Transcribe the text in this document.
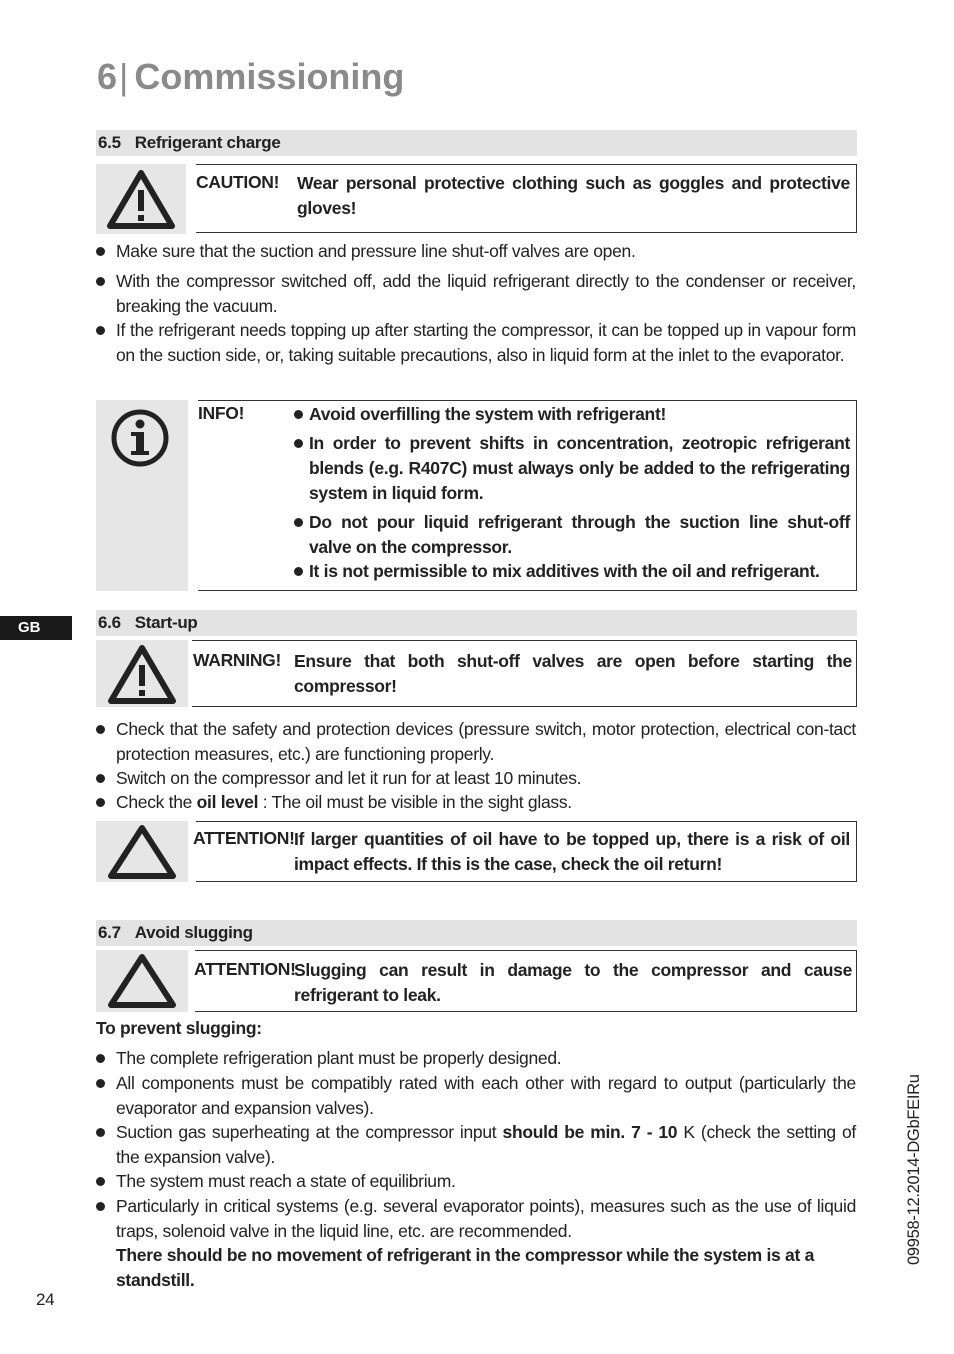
6| Commissioning
6.5 Refrigerant charge
CAUTION! Wear personal protective clothing such as goggles and protective gloves!
Make sure that the suction and pressure line shut-off valves are open.
With the compressor switched off, add the liquid refrigerant directly to the condenser or receiver, breaking the vacuum.
If the refrigerant needs topping up after starting the compressor, it can be topped up in vapour form on the suction side, or, taking suitable precautions, also in liquid form at the inlet to the evaporator.
INFO!	Avoid overfilling the system with refrigerant!
In order to prevent shifts in concentration, zeotropic refrigerant blends (e.g. R407C) must always only be added to the refrigerating system in liquid form.
Do not pour liquid refrigerant through the suction line shut-off valve on the compressor.
It is not permissible to mix additives with the oil and refrigerant.
GB	6.6 Start-up
WARNING! Ensure that both shut-off valves are open before starting the compressor!
Check that the safety and protection devices (pressure switch, motor protection, electrical con-tact protection measures, etc.) are functioning properly.
Switch on the compressor and let it run for at least 10 minutes.
Check the oil level : The oil must be visible in the sight glass.
ATTENTION! If larger quantities of oil have to be topped up, there is a risk of oil impact effects. If this is the case, check the oil return!
6.7 Avoid slugging
ATTENTION!
Slugging can result in damage to the compressor and cause refrigerant to leak.
To prevent slugging:
The complete refrigeration plant must be properly designed.
All components must be compatibly rated with each other with regard to output (particularly the evaporator and expansion valves).
Suction gas superheating at the compressor input should be min. 7 - 10 K (check the setting of the expansion valve).
The system must reach a state of equilibrium.
Particularly in critical systems (e.g. several evaporator points), measures such as the use of liquid traps, solenoid valve in the liquid line, etc. are recommended.
There should be no movement of refrigerant in the compressor while the system is at a standstill.
24
09958-12.2014-DGbFEIRu
